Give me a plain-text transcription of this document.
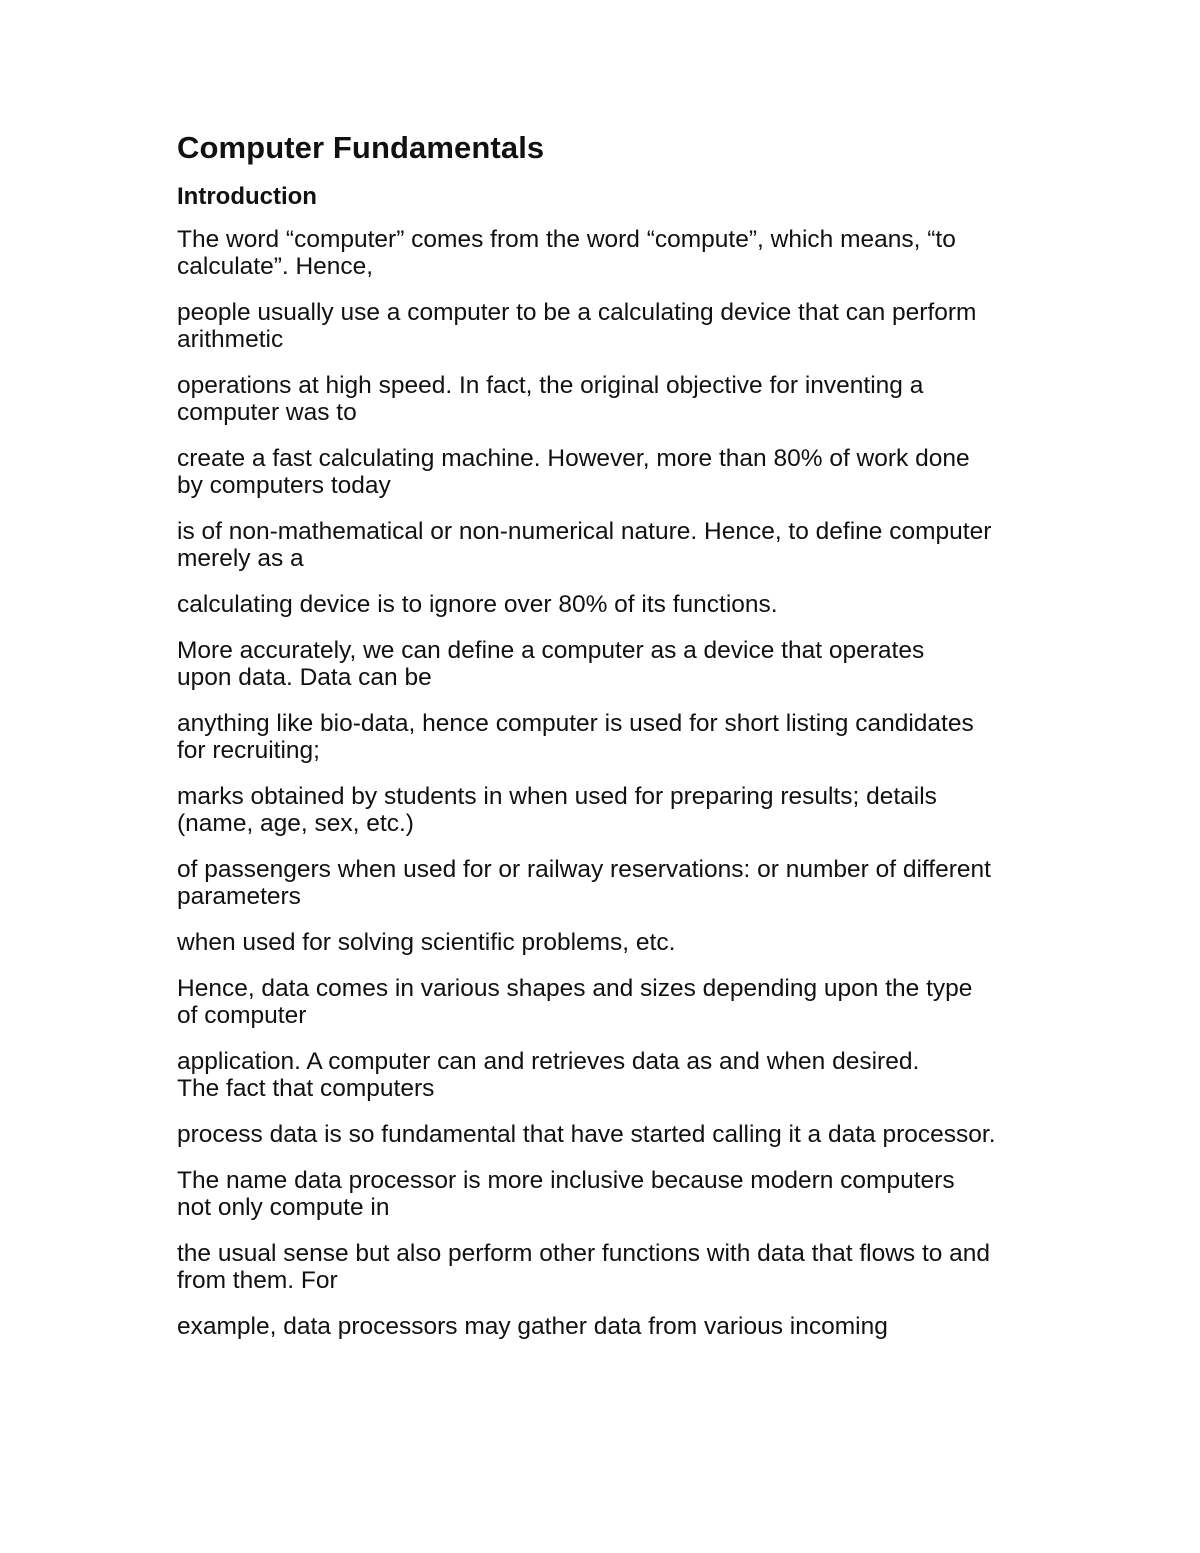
Computer Fundamentals
Introduction

The word “computer” comes from the word “compute”, which means, “to calculate”. Hence,

people usually use a computer to be a calculating device that can perform arithmetic

operations at high speed. In fact, the original objective for inventing a computer was to

create a fast calculating machine. However, more than 80% of work done by computers today

is of non-mathematical or non-numerical nature. Hence, to define computer merely as a

calculating device is to ignore over 80% of its functions.

More accurately, we can define a computer as a device that operates upon data. Data can be

anything like bio-data, hence computer is used for short listing candidates for recruiting;

marks obtained by students in when used for preparing results; details (name, age, sex, etc.)

of passengers when used for or railway reservations: or number of different parameters

when used for solving scientific problems, etc.

Hence, data comes in various shapes and sizes depending upon the type of computer

application. A computer can and retrieves data as and when desired. The fact that computers

process data is so fundamental that have started calling it a data processor.

The name data processor is more inclusive because modern computers not only compute in

the usual sense but also perform other functions with data that flows to and from them. For

example, data processors may gather data from various incoming
